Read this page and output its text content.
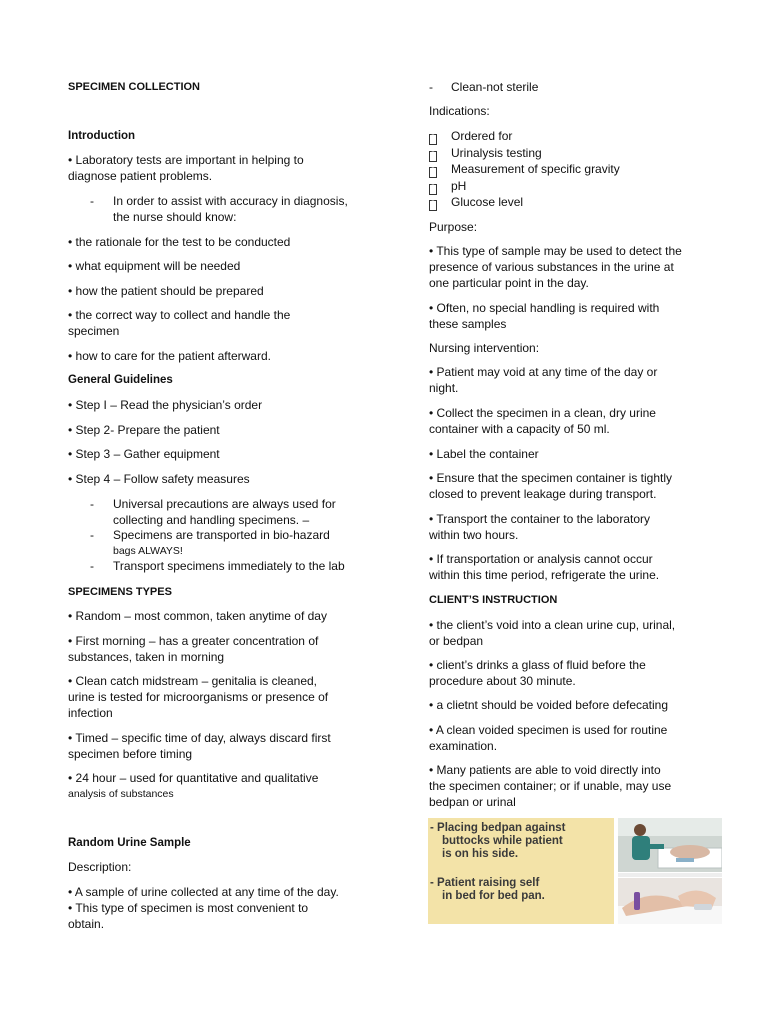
SPECIMEN COLLECTION
Introduction
• Laboratory tests are important in helping to
diagnose patient problems.
- In order to assist with accuracy in diagnosis,
the nurse should know:
• the rationale for the test to be conducted
• what equipment will be needed
• how the patient should be prepared
• the correct way to collect and handle the
specimen
• how to care for the patient afterward.
General Guidelines
• Step I – Read the physician’s order
• Step 2- Prepare the patient
• Step 3 – Gather equipment
• Step 4 – Follow safety measures
- Universal precautions are always used for
collecting and handling specimens. –
- Specimens are transported in bio-hazard
bags ALWAYS!
- Transport specimens immediately to the lab
SPECIMENS TYPES
• Random – most common, taken anytime of day
• First morning – has a greater concentration of
substances, taken in morning
• Clean catch midstream – genitalia is cleaned,
urine is tested for microorganisms or presence of
infection
• Timed – specific time of day, always discard first
specimen before timing
• 24 hour – used for quantitative and qualitative
analysis of substances
Random Urine Sample
Description:
• A sample of urine collected at any time of the day.
• This type of specimen is most convenient to
obtain.
- Clean-not sterile
Indications:
? Ordered for
? Urinalysis testing
? Measurement of specific gravity
? pH
? Glucose level
Purpose:
• This type of sample may be used to detect the
presence of various substances in the urine at
one particular point in the day.
• Often, no special handling is required with
these samples
Nursing intervention:
• Patient may void at any time of the day or
night.
• Collect the specimen in a clean, dry urine
container with a capacity of 50 ml.
• Label the container
• Ensure that the specimen container is tightly
closed to prevent leakage during transport.
• Transport the container to the laboratory
within two hours.
• If transportation or analysis cannot occur
within this time period, refrigerate the urine.
CLIENT’S INSTRUCTION
• the client’s void into a clean urine cup, urinal,
or bedpan
• client’s drinks a glass of fluid before the
procedure about 30 minute.
• a clietnt should be voided before defecating
• A clean voided specimen is used for routine
examination.
• Many patients are able to void directly into
the specimen container; or if unable, may use
bedpan or urinal
- Placing bedpan against
buttocks while patient
is on his side.
- Patient raising self
in bed for bed pan.
